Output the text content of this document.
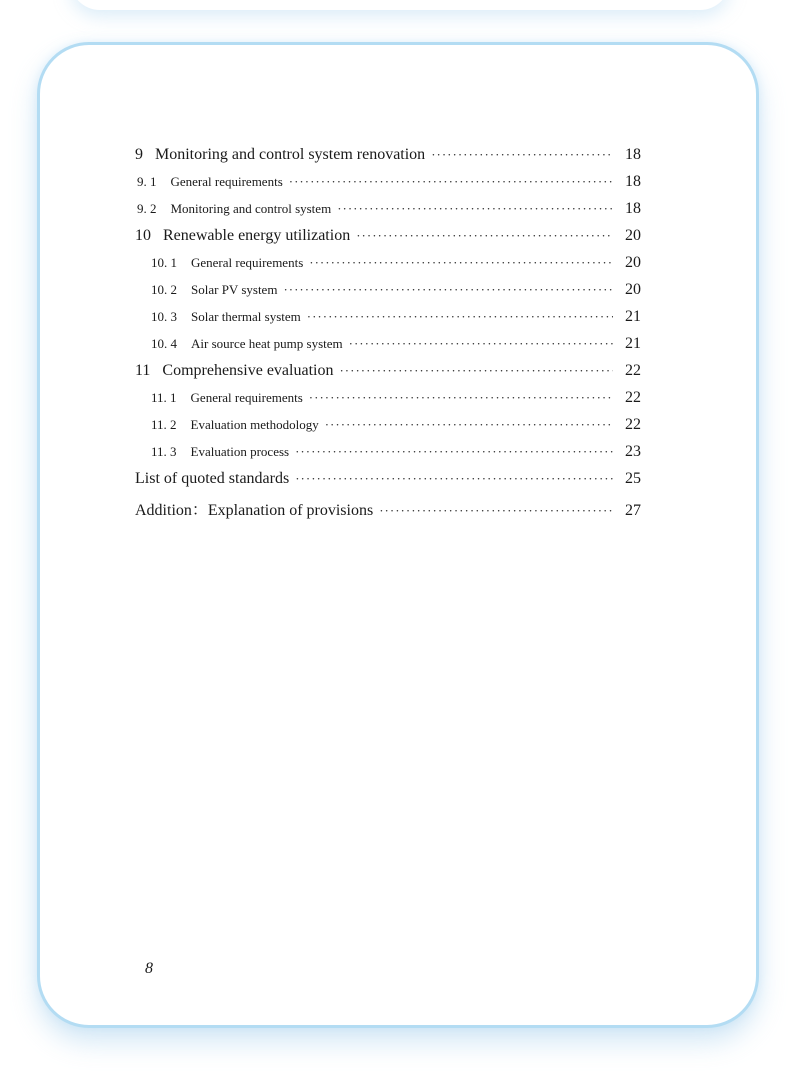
9 Monitoring and control system renovation ·····	18
9. 1 General requirements ·····	18
9. 2 Monitoring and control system ·····	18
10 Renewable energy utilization ·····	20
10. 1 General requirements ·····	20
10. 2 Solar PV system ·····	20
10. 3 Solar thermal system ·····	21
10. 4 Air source heat pump system ·····	21
11 Comprehensive evaluation ·····	22
11. 1 General requirements ·····	22
11. 2 Evaluation methodology ·····	22
11. 3 Evaluation process ·····	23
List of quoted standards ·····	25
Addition：Explanation of provisions ·····	27
8
